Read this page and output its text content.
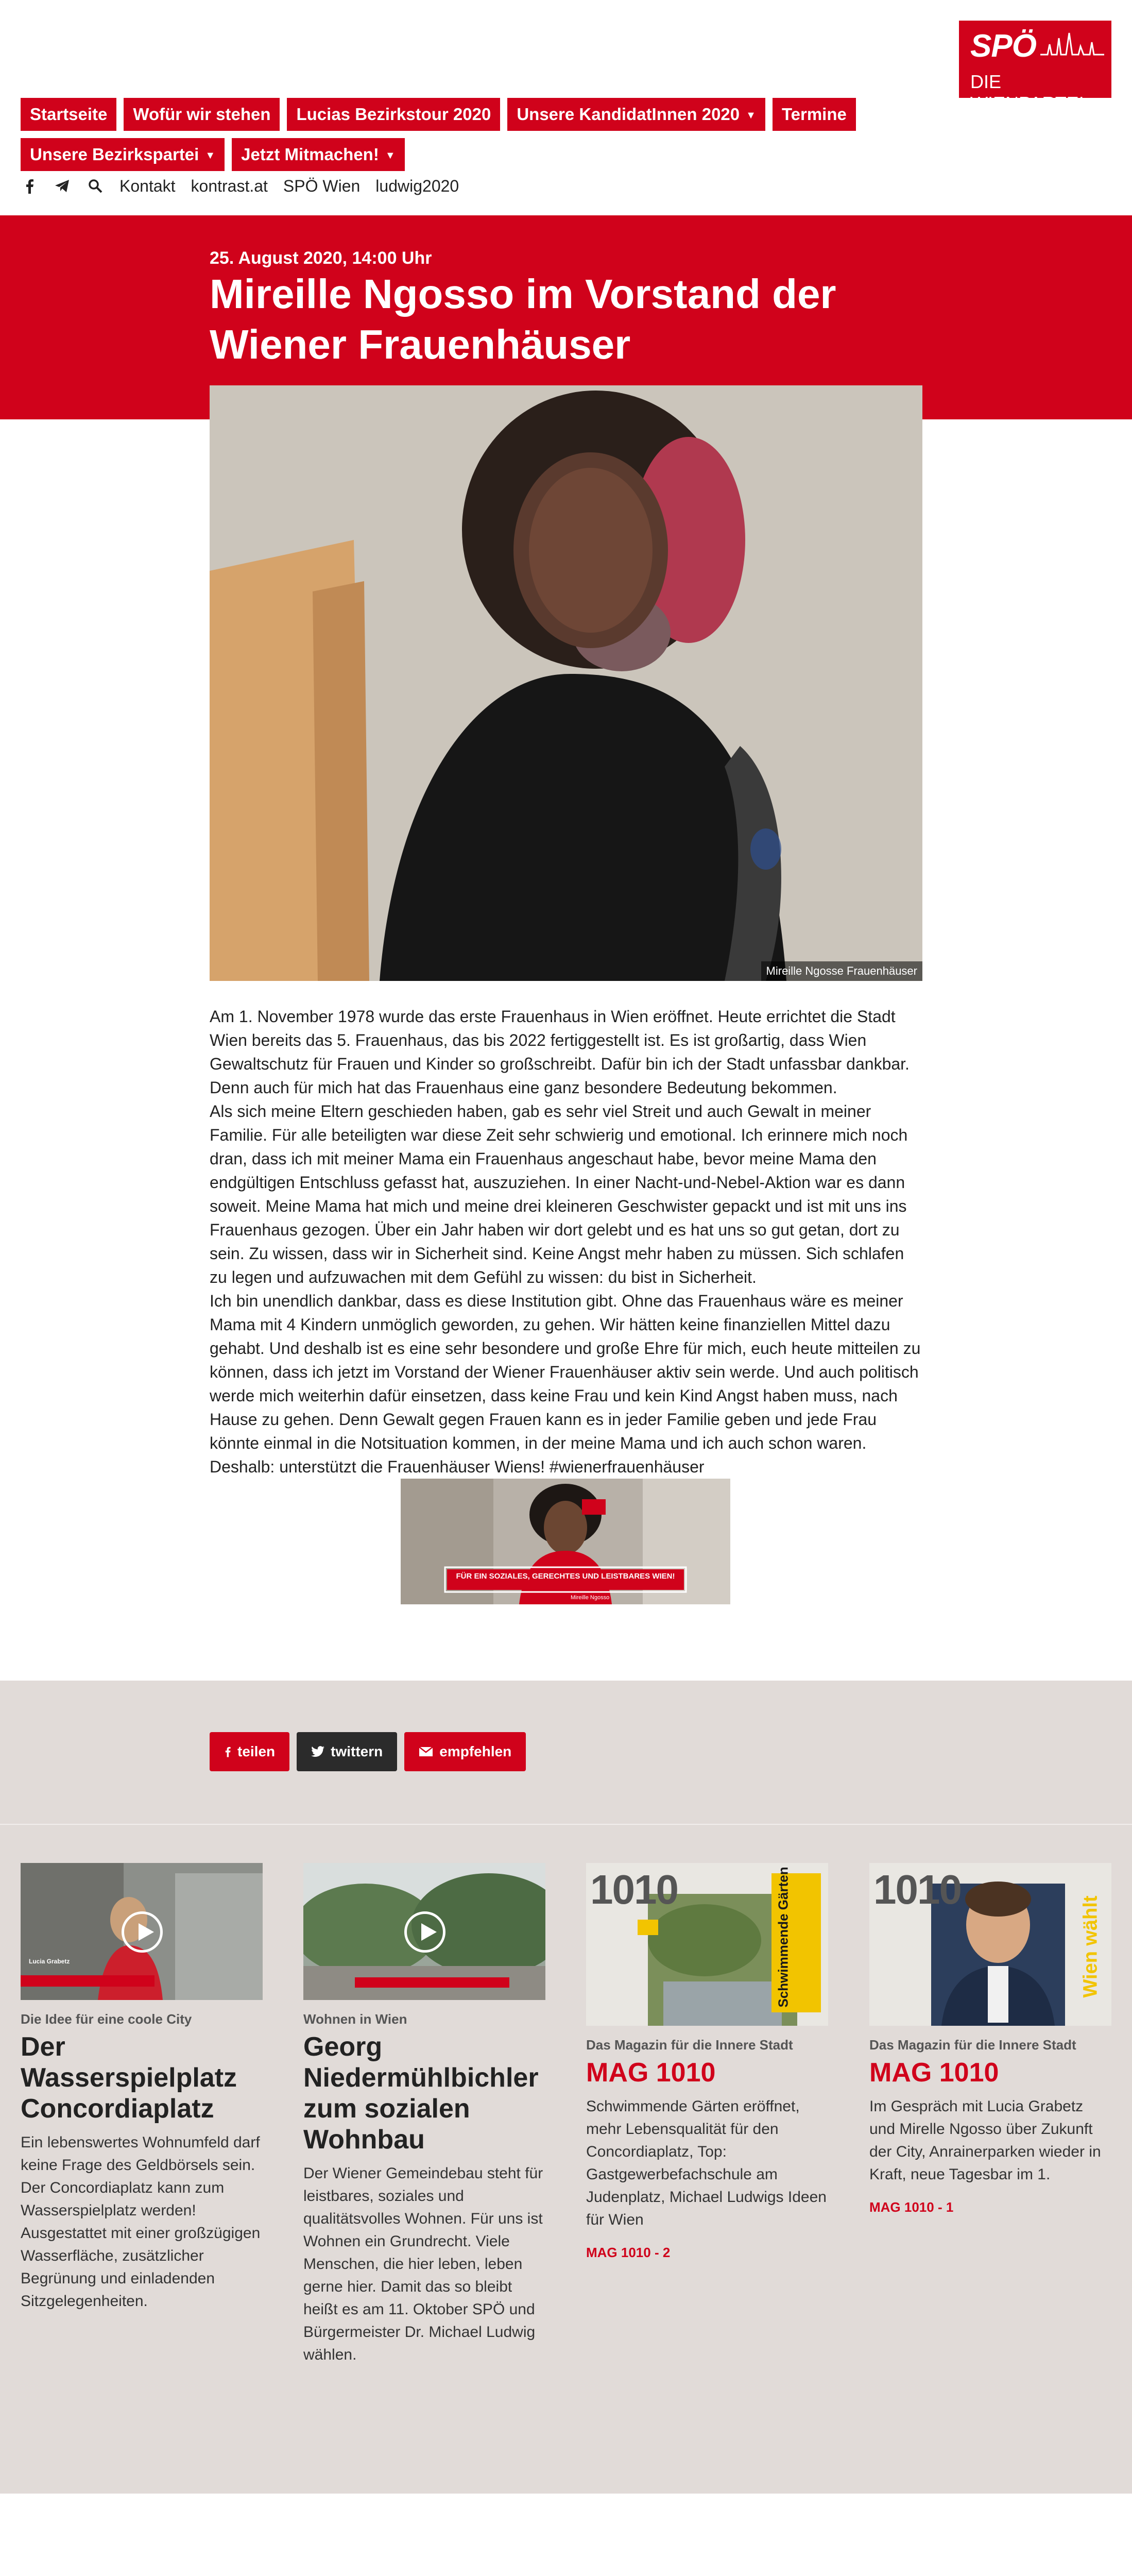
SPÖ
DIE WIENPARTEI.
Startseite	Wofür wir stehen	Lucias Bezirkstour 2020	Unsere KandidatInnen 2020 ▼	Termine
Unsere Bezirkspartei ▼	Jetzt Mitmachen! ▼
Kontakt kontrast.at SPÖ Wien ludwig2020
25. August 2020, 14:00 Uhr
Mireille Ngosso im Vorstand der Wiener Frauenhäuser
Mireille Ngosse Frauenhäuser

Am 1. November 1978 wurde das erste Frauenhaus in Wien eröffnet. Heute errichtet die Stadt Wien bereits das 5. Frauenhaus, das bis 2022 fertiggestellt ist. Es ist großartig, dass Wien Gewaltschutz für Frauen und Kinder so großschreibt. Dafür bin ich der Stadt unfassbar dankbar. Denn auch für mich hat das Frauenhaus eine ganz besondere Bedeutung bekommen.

Als sich meine Eltern geschieden haben, gab es sehr viel Streit und auch Gewalt in meiner Familie. Für alle beteiligten war diese Zeit sehr schwierig und emotional. Ich erinnere mich noch dran, dass ich mit meiner Mama ein Frauenhaus angeschaut habe, bevor meine Mama den endgültigen Entschluss gefasst hat, auszuziehen. In einer Nacht-und-Nebel-Aktion war es dann soweit. Meine Mama hat mich und meine drei kleineren Geschwister gepackt und ist mit uns ins Frauenhaus gezogen. Über ein Jahr haben wir dort gelebt und es hat uns so gut getan, dort zu sein. Zu wissen, dass wir in Sicherheit sind. Keine Angst mehr haben zu müssen. Sich schlafen zu legen und aufzuwachen mit dem Gefühl zu wissen: du bist in Sicherheit.

Ich bin unendlich dankbar, dass es diese Institution gibt. Ohne das Frauenhaus wäre es meiner Mama mit 4 Kindern unmöglich geworden, zu gehen. Wir hätten keine finanziellen Mittel dazu gehabt. Und deshalb ist es eine sehr besondere und große Ehre für mich, euch heute mitteilen zu können, dass ich jetzt im Vorstand der Wiener Frauenhäuser aktiv sein werde. Und auch politisch werde mich weiterhin dafür einsetzen, dass keine Frau und kein Kind Angst haben muss, nach Hause zu gehen. Denn Gewalt gegen Frauen kann es in jeder Familie geben und jede Frau könnte einmal in die Notsituation kommen, in der meine Mama und ich auch schon waren.

Deshalb: unterstützt die Frauenhäuser Wiens! #wienerfrauenhäuser

FÜR EIN SOZIALES, GERECHTES UND LEISTBARES WIEN!
Mireille Ngosso
teilen	twittern	empfehlen
Lucia Grabetz
Die Idee für eine coole City
Der Wasserspielplatz Concordiaplatz
Ein lebenswertes Wohnumfeld darf keine Frage des Geldbörsels sein. Der Concordiaplatz kann zum Wasserspielplatz werden! Ausgestattet mit einer großzügigen Wasserfläche, zusätzlicher Begrünung und einladenden Sitzgelegenheiten.
Wohnen in Wien
Georg Niedermühlbichler zum sozialen Wohnbau
Der Wiener Gemeindebau steht für leistbares, soziales und qualitätsvolles Wohnen. Für uns ist Wohnen ein Grundrecht. Viele Menschen, die hier leben, leben gerne hier. Damit das so bleibt heißt es am 11. Oktober SPÖ und Bürgermeister Dr. Michael Ludwig wählen.
1010	Schwimmende Gärten
Das Magazin für die Innere Stadt
MAG 1010
Schwimmende Gärten eröffnet, mehr Lebensqualität für den Concordiaplatz, Top: Gastgewerbefachschule am Judenplatz, Michael Ludwigs Ideen für Wien
MAG 1010 - 2
1010
Wien wählt
Das Magazin für die Innere Stadt
MAG 1010
Im Gespräch mit Lucia Grabetz und Mirelle Ngosso über Zukunft der City, Anrainerparken wieder in Kraft, neue Tagesbar im 1.
MAG 1010 - 1
